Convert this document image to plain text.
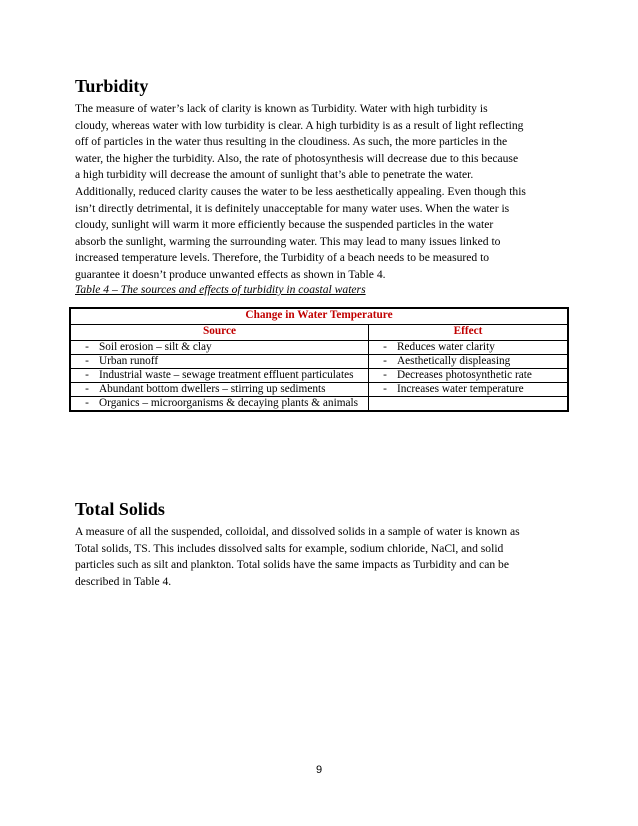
Turbidity
The measure of water’s lack of clarity is known as Turbidity. Water with high turbidity is
cloudy, whereas water with low turbidity is clear. A high turbidity is as a result of light reflecting
off of particles in the water thus resulting in the cloudiness. As such, the more particles in the
water, the higher the turbidity. Also, the rate of photosynthesis will decrease due to this because
a high turbidity will decrease the amount of sunlight that’s able to penetrate the water.
Additionally, reduced clarity causes the water to be less aesthetically appealing. Even though this
isn’t directly detrimental, it is definitely unacceptable for many water uses. When the water is
cloudy, sunlight will warm it more efficiently because the suspended particles in the water
absorb the sunlight, warming the surrounding water. This may lead to many issues linked to
increased temperature levels. Therefore, the Turbidity of a beach needs to be measured to
guarantee it doesn’t produce unwanted effects as shown in Table 4.
Table 4 – The sources and effects of turbidity in coastal waters
Change in Water Temperature	
Source	Effect

- Soil erosion – silt & clay	- Reduces water clarity

- Urban runoff	- Aesthetically displeasing

- Industrial waste – sewage treatment effluent particulates	- Decreases photosynthetic rate

- Abundant bottom dwellers – stirring up sediments	- Increases water temperature

- Organics – microorganisms & decaying plants & animals	

Total Solids
A measure of all the suspended, colloidal, and dissolved solids in a sample of water is known as
Total solids, TS. This includes dissolved salts for example, sodium chloride, NaCl, and solid
particles such as silt and plankton. Total solids have the same impacts as Turbidity and can be
described in Table 4.
9
